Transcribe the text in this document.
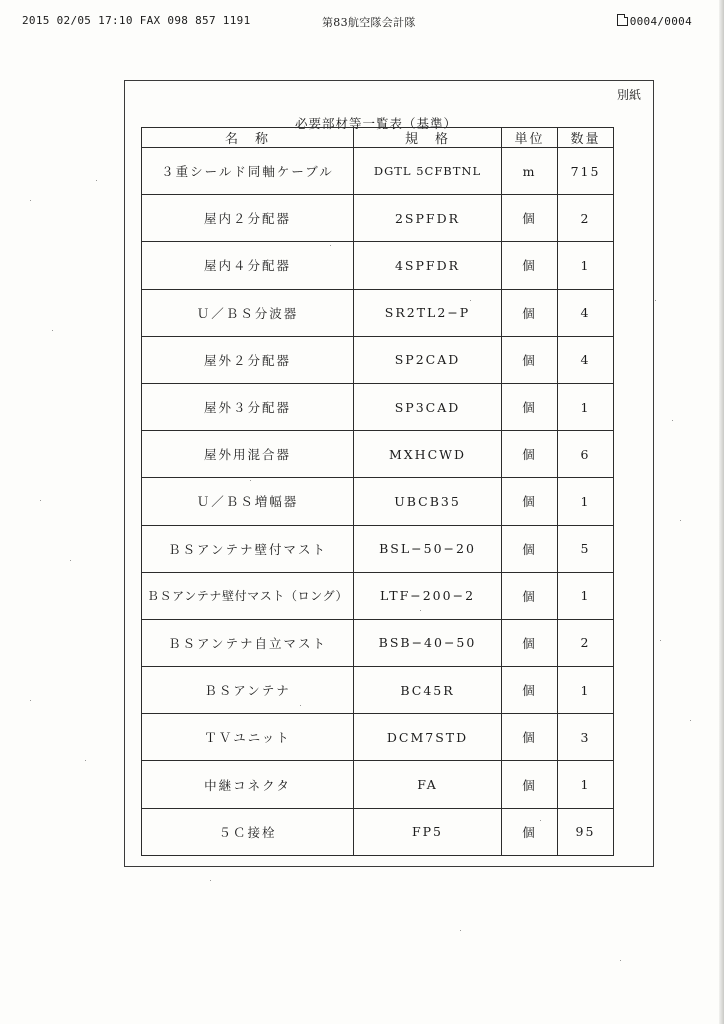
2015 02/05 17:10 FAX 098 857 1191	第83航空隊会計隊	0004/0004
別紙
必要部材等一覧表（基準）
名　称	規　格	単位	数量
３重シールド同軸ケーブル	DGTL 5CFBTNL	m	715
屋内２分配器	2SPFDR	個	2
屋内４分配器	4SPFDR	個	1
Ｕ／ＢＳ分波器	SR2TL2−P	個	4
屋外２分配器	SP2CAD	個	4
屋外３分配器	SP3CAD	個	1
屋外用混合器	MXHCWD	個	6
Ｕ／ＢＳ増幅器	UBCB35	個	1
ＢＳアンテナ壁付マスト	BSL−50−20	個	5
ＢＳアンテナ壁付マスト（ロング）	LTF−200−2	個	1
ＢＳアンテナ自立マスト	BSB−40−50	個	2
ＢＳアンテナ	BC45R	個	1
ＴＶユニット	DCM7STD	個	3
中継コネクタ	FA	個	1
５Ｃ接栓	FP5	個	95
